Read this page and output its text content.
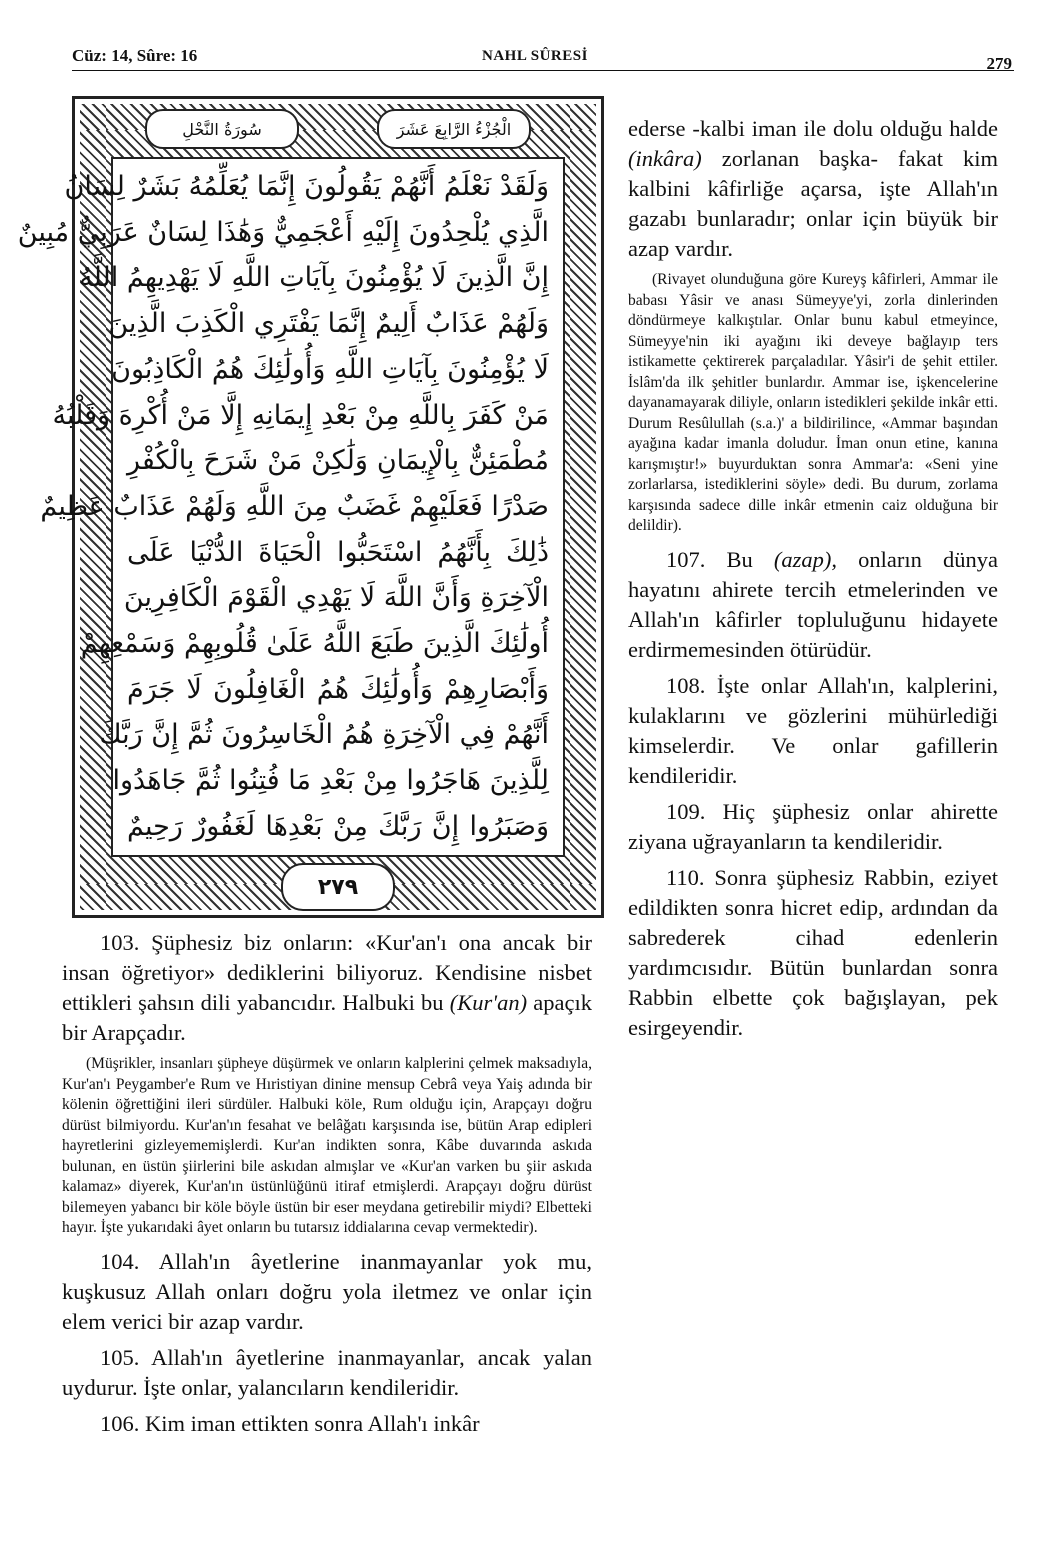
Cüz: 14, Sûre: 16	NAHL SÛRESİ	279
سُورَةُ النَّحْلِ	الْجُزْءُ الرَّابِعَ عَشَرَ
وَلَقَدْ نَعْلَمُ أَنَّهُمْ يَقُولُونَ إِنَّمَا يُعَلِّمُهُ بَشَرٌ لِسَانُ
الَّذِي يُلْحِدُونَ إِلَيْهِ أَعْجَمِيٌّ وَهَٰذَا لِسَانٌ عَرَبِيٌّ مُبِينٌ
إِنَّ الَّذِينَ لَا يُؤْمِنُونَ بِآيَاتِ اللَّهِ لَا يَهْدِيهِمُ اللَّهُ
وَلَهُمْ عَذَابٌ أَلِيمٌ إِنَّمَا يَفْتَرِي الْكَذِبَ الَّذِينَ
لَا يُؤْمِنُونَ بِآيَاتِ اللَّهِ وَأُولَٰئِكَ هُمُ الْكَاذِبُونَ
مَنْ كَفَرَ بِاللَّهِ مِنْ بَعْدِ إِيمَانِهِ إِلَّا مَنْ أُكْرِهَ وَقَلْبُهُ
مُطْمَئِنٌّ بِالْإِيمَانِ وَلَٰكِنْ مَنْ شَرَحَ بِالْكُفْرِ
صَدْرًا فَعَلَيْهِمْ غَضَبٌ مِنَ اللَّهِ وَلَهُمْ عَذَابٌ عَظِيمٌ
ذَٰلِكَ بِأَنَّهُمُ اسْتَحَبُّوا الْحَيَاةَ الدُّنْيَا عَلَى
الْآخِرَةِ وَأَنَّ اللَّهَ لَا يَهْدِي الْقَوْمَ الْكَافِرِينَ
أُولَٰئِكَ الَّذِينَ طَبَعَ اللَّهُ عَلَىٰ قُلُوبِهِمْ وَسَمْعِهِمْ
وَأَبْصَارِهِمْ وَأُولَٰئِكَ هُمُ الْغَافِلُونَ لَا جَرَمَ
أَنَّهُمْ فِي الْآخِرَةِ هُمُ الْخَاسِرُونَ ثُمَّ إِنَّ رَبَّكَ
لِلَّذِينَ هَاجَرُوا مِنْ بَعْدِ مَا فُتِنُوا ثُمَّ جَاهَدُوا
وَصَبَرُوا إِنَّ رَبَّكَ مِنْ بَعْدِهَا لَغَفُورٌ رَحِيمٌ
٢٧٩

ederse -kalbi iman ile dolu olduğu halde (inkâra) zorlanan başka- fakat kim kalbini kâfirliğe açarsa, işte Allah'ın gazabı bunlaradır; onlar için büyük bir azap vardır.

(Rivayet olunduğuna göre Kureyş kâfirleri, Ammar ile babası Yâsir ve anası Sümeyye'yi, zorla dinlerinden döndürmeye kalkıştılar. Onlar bunu kabul etmeyince, Sümeyye'nin iki ayağını iki deveye bağlayıp ters istikamette çektirerek parçaladılar. Yâsir'i de şehit ettiler. İslâm'da ilk şehitler bunlardır. Ammar ise, işkencelerine dayanamayarak diliyle, onların istedikleri şekilde inkâr etti. Durum Resûlullah (s.a.)' a bildirilince, «Ammar başından ayağına kadar imanla doludur. İman onun etine, kanına karışmıştır!» buyurduktan sonra Ammar'a: «Seni yine zorlarlarsa, istediklerini söyle» dedi. Bu durum, zorlama karşısında sadece dille inkâr etmenin caiz olduğuna bir delildir).

107. Bu (azap), onların dünya hayatını ahirete tercih etmelerinden ve Allah'ın kâfirler topluluğunu hidayete erdirmemesinden ötürüdür.

108. İşte onlar Allah'ın, kalplerini, kulaklarını ve gözlerini mühürlediği kimselerdir. Ve onlar gafillerin kendileridir.

109. Hiç şüphesiz onlar ahirette ziyana uğrayanların ta kendileridir.

110. Sonra şüphesiz Rabbin, eziyet edildikten sonra hicret edip, ardından da sabrederek cihad edenlerin yardımcısıdır. Bütün bunlardan sonra Rabbin elbette çok bağışlayan, pek esirgeyendir.

103. Şüphesiz biz onların: «Kur'an'ı ona ancak bir insan öğretiyor» dediklerini biliyoruz. Kendisine nisbet ettikleri şahsın dili yabancıdır. Halbuki bu (Kur'an) apaçık bir Arapçadır.

(Müşrikler, insanları şüpheye düşürmek ve onların kalplerini çelmek maksadıyla, Kur'an'ı Peygamber'e Rum ve Hıristiyan dinine mensup Cebrâ veya Yaiş adında bir kölenin öğrettiğini ileri sürdüler. Halbuki köle, Rum olduğu için, Arapçayı doğru dürüst bilmiyordu. Kur'an'ın fesahat ve belâğatı karşısında ise, bütün Arap edipleri hayretlerini gizleyememişlerdi. Kur'an indikten sonra, Kâbe duvarında askıda bulunan, en üstün şiirlerini bile askıdan almışlar ve «Kur'an varken bu şiir askıda kalamaz» diyerek, Kur'an'ın üstünlüğünü itiraf etmişlerdi. Arapçayı doğru dürüst bilemeyen yabancı bir köle böyle üstün bir eser meydana getirebilir miydi? Elbetteki hayır. İşte yukarıdaki âyet onların bu tutarsız iddialarına cevap vermektedir).

104. Allah'ın âyetlerine inanmayanlar yok mu, kuşkusuz Allah onları doğru yola iletmez ve onlar için elem verici bir azap vardır.

105. Allah'ın âyetlerine inanmayanlar, ancak yalan uydurur. İşte onlar, yalancıların kendileridir.

106. Kim iman ettikten sonra Allah'ı inkâr
